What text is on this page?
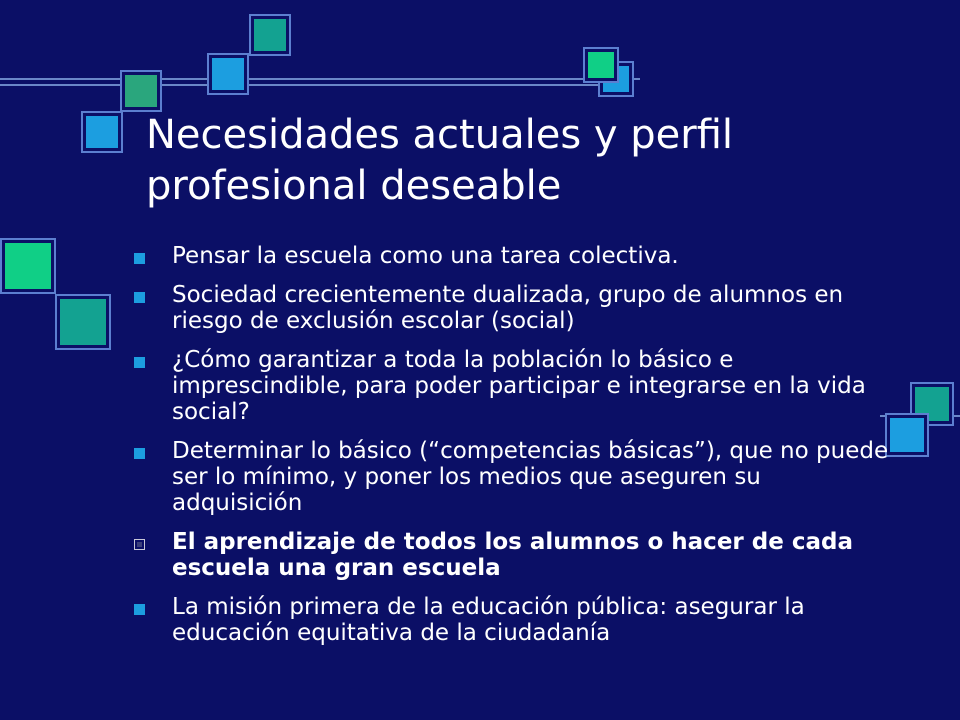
Necesidades actuales y perfil
profesional deseable
Pensar la escuela como una tarea colectiva.
Sociedad crecientemente dualizada, grupo de alumnos en riesgo de exclusión escolar (social)
¿Cómo garantizar a toda la población lo básico e imprescindible, para poder participar e integrarse en la vida social?
Determinar lo básico (“competencias básicas”), que no puede ser lo mínimo, y poner los medios que aseguren su adquisición
El aprendizaje de todos los alumnos o hacer de cada escuela una gran escuela
La misión primera de la educación pública: asegurar la educación equitativa de la ciudadanía
